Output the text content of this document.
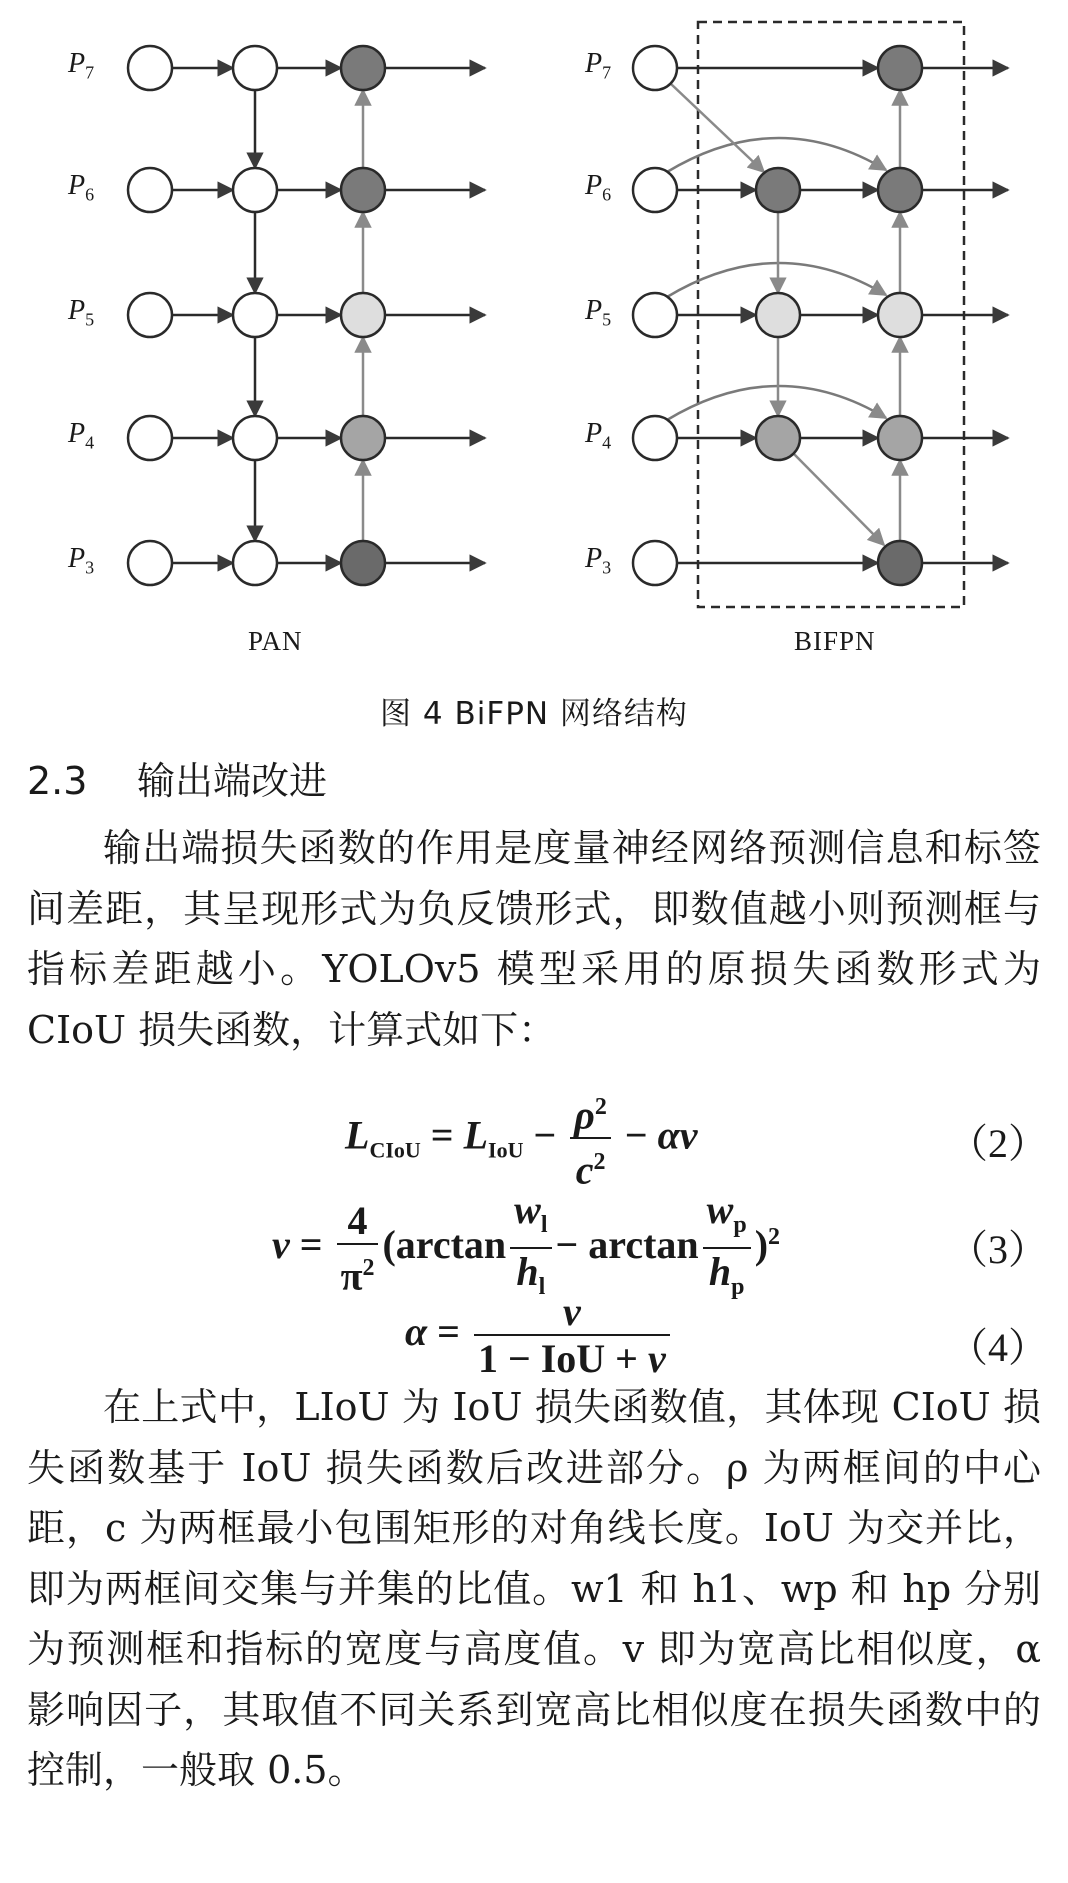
$P_7$	$P_7$
$P_6$	$P_6$
$P_5$	$P_5$
$P_4$	$P_4$
$P_3$	$P_3$
PAN	BIFPN
图 4 BiFPN 网络结构
2.3 输出端改进
输出端损失函数的作用是度量神经网络预测信息和标签间差距，其呈现形式为负反馈形式，即数值越小则预测框与指标差距越小。YOLOv5 模型采用的原损失函数形式为 CIoU 损失函数，计算式如下：
$L_{CIoU} = L_{IoU} - \frac{\rho^2}{c^2} - \alpha v$	（2）
$v = \frac{4}{\pi^2} (\arctan \frac{w_l}{h_l} - \arctan \frac{w_p}{h_p} )^2$	（3）
$\alpha = \frac{v}{\text{1 − IoU + v}}$	（4）
在上式中，LIoU 为 IoU 损失函数值，其体现 CIoU 损失函数基于 IoU 损失函数后改进部分。ρ 为两框间的中心距，c 为两框最小包围矩形的对角线长度。IoU 为交并比，即为两框间交集与并集的比值。w1 和 h1、wp 和 hp 分别为预测框和指标的宽度与高度值。v 即为宽高比相似度，α 影响因子，其取值不同关系到宽高比相似度在损失函数中的控制，一般取 0.5。
